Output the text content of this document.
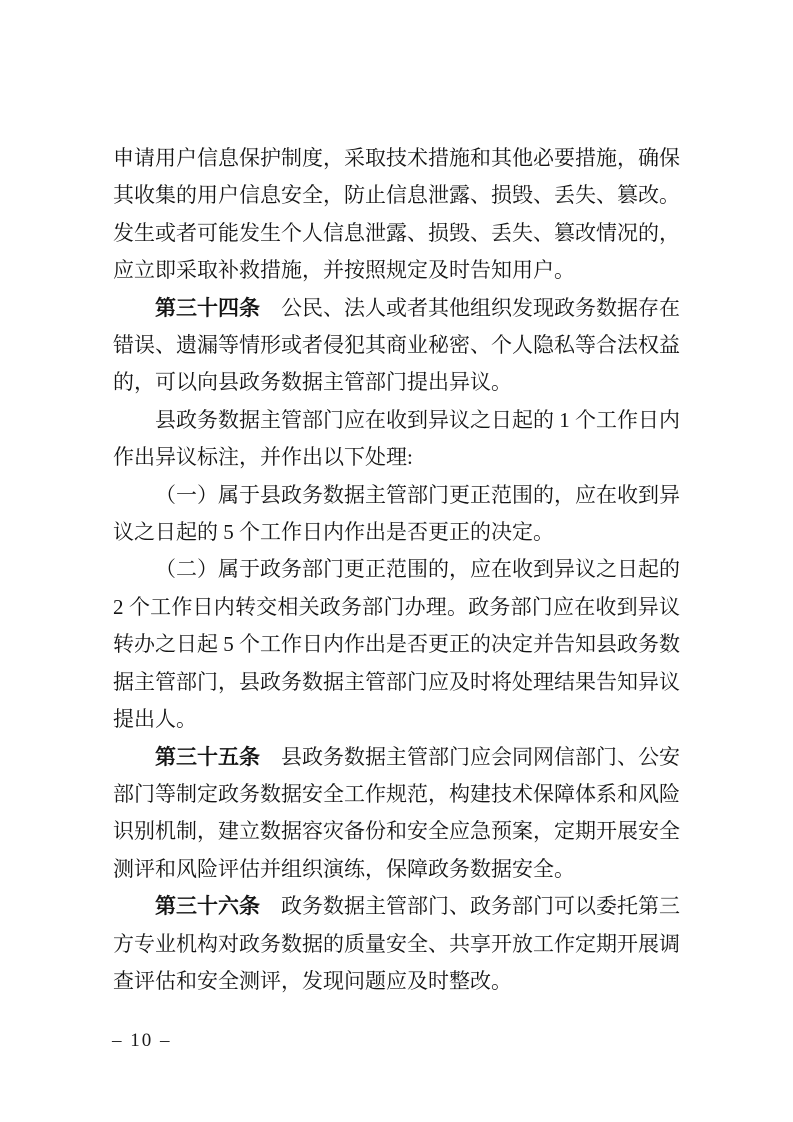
申请用户信息保护制度，采取技术措施和其他必要措施，确保其收集的用户信息安全，防止信息泄露、损毁、丢失、篡改。发生或者可能发生个人信息泄露、损毁、丢失、篡改情况的，应立即采取补救措施，并按照规定及时告知用户。

第三十四条 公民、法人或者其他组织发现政务数据存在错误、遗漏等情形或者侵犯其商业秘密、个人隐私等合法权益的，可以向县政务数据主管部门提出异议。

县政务数据主管部门应在收到异议之日起的 1 个工作日内作出异议标注，并作出以下处理:

（一）属于县政务数据主管部门更正范围的，应在收到异议之日起的 5 个工作日内作出是否更正的决定。

（二）属于政务部门更正范围的，应在收到异议之日起的 2 个工作日内转交相关政务部门办理。政务部门应在收到异议转办之日起 5 个工作日内作出是否更正的决定并告知县政务数据主管部门，县政务数据主管部门应及时将处理结果告知异议提出人。

第三十五条 县政务数据主管部门应会同网信部门、公安部门等制定政务数据安全工作规范，构建技术保障体系和风险识别机制，建立数据容灾备份和安全应急预案，定期开展安全测评和风险评估并组织演练，保障政务数据安全。

第三十六条 政务数据主管部门、政务部门可以委托第三方专业机构对政务数据的质量安全、共享开放工作定期开展调查评估和安全测评，发现问题应及时整改。

– 10 –
